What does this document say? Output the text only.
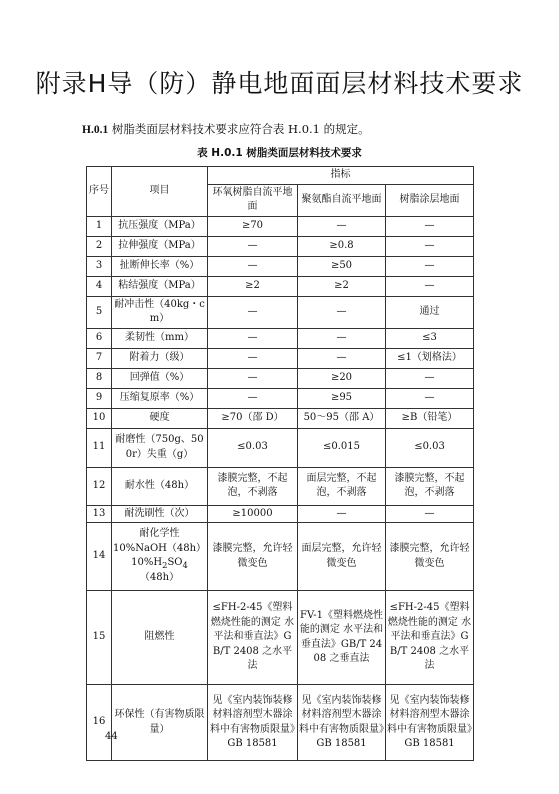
附录H导（防）静电地面面层材料技术要求
H.0.1 树脂类面层材料技术要求应符合表 H.0.1 的规定。
表 H.0.1 树脂类面层材料技术要求
序号	项目	指标		
		环氧树脂自流平地面	聚氨酯自流平地面	树脂涂层地面
1	抗压强度（MPa）	≥70	—	—
2	拉伸强度（MPa）	—	≥0.8	—
3	扯断伸长率（%）	—	≥50	—
4	粘结强度（MPa）	≥2	≥2	—
5	耐冲击性（40kg・cm）	—	—	通过
6	柔韧性（mm）	—	—	≤3
7	附着力（级）	—	—	≤1（划格法）
8	回弹值（%）	—	≥20	—
9	压缩复原率（%）	—	≥95	—
10	硬度	≥70（邵 D）	50～95（邵 A）	≥B（铅笔）
11	耐磨性（750g、500r）失重（g）	≤0.03	≤0.015	≤0.03
12	耐水性（48h）	漆膜完整，不起泡，不剥落	面层完整，不起泡，不剥落	漆膜完整，不起泡，不剥落
13	耐洗刷性（次）	≥10000	—	—
14	耐化学性
10%NaOH（48h）
$10\%H_2SO_4(48h)$	漆膜完整，允许轻微变色	面层完整，允许轻微变色	漆膜完整，允许轻微变色
15	阻燃性	≤FH-2-45《塑料燃烧性能的测定 水平法和垂直法》GB/T 2408 之水平法	FV-1《塑料燃烧性能的测定 水平法和垂直法》GB/T 2408 之垂直法	≤FH-2-45《塑料燃烧性能的测定 水平法和垂直法》GB/T 2408 之水平法
16	环保性（有害物质限量）	见《室内装饰装修材料溶剂型木器涂料中有害物质限量》GB 18581	见《室内装饰装修材料溶剂型木器涂料中有害物质限量》GB 18581	见《室内装饰装修材料溶剂型木器涂料中有害物质限量》GB 18581
44
